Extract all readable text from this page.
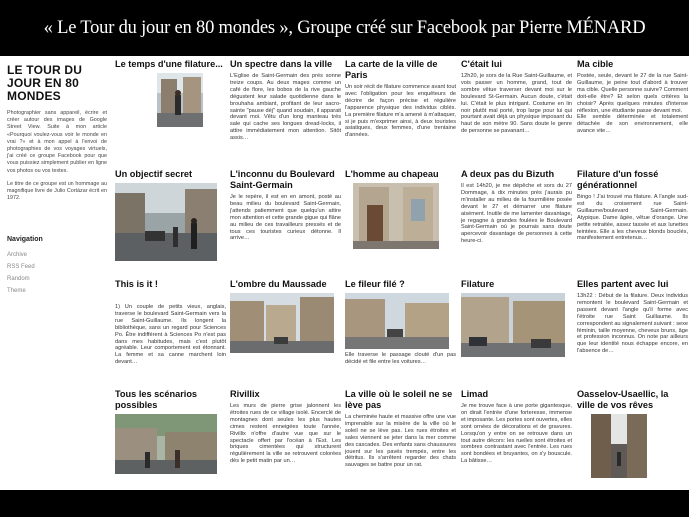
« Le Tour du jour en 80 mondes », Groupe créé sur Facebook par Pierre MÉNARD
LE TOUR DU JOUR EN 80 MONDES

Photographier sans appareil, écrire et créer autour des images de Google Street View. Suite à mon article «Pourquoi voulez-vous voir le monde en vrai ?» et à mon appel à l'envoi de photographies de vos voyages virtuels, j'ai créé ce groupe Facebook pour que vous puissiez simplement publier en ligne vos photos ou vos textes.

Le titre de ce groupe est un hommage au magnifique livre de Julio Cortázar écrit en 1972.

Navigation
Archive
RSS Feed
Random
Theme
Le temps d'une filature... Un spectre dans la ville

L'Eglise de Saint-Germain des prés sonne treize coups. Au deux mages comme un café de flore, les bobos de la rive gauche dégustent leur salade quotidienne dans le brouhaha ambiant, profitant de leur sacro-sainte "pause déj" quand soudain, il apparait devant moi. Vêtu d'un long manteau très sale qui cache ses longues dread-locks, il attire immédiatement mon attention. Sitôt assis…

La carte de la ville de Paris

Un soir récit de filature commence avant tout avec l'obligation pour les enquêteurs de décrire de façon précise et régulière l'apparence physique des individus ciblés. La première filature m'a amené à m'attaquer, si je puis m'exprimer ainsi, à deux touristes asiatiques, deux femmes, d'une trentaine d'années.

C'était lui

12h20, je sors de la Rue Saint-Guillaume, et vois passer un homme, grand, tout de sombre vêtue traverser devant moi sur le boulevard St-Germain. Aucun doute, c'était lui. C'était le plus intrigant. Costume en lin noir plutôt mal porté, trop large pour lui qui pourtant avait déjà un physique imposant du haut de son mètre 90. Sans doute le genre de personne se pavanant…

Ma cible

Postée, seule, devant le 27 de la rue Saint-Guillaume, je peine tout d'abord à trouver ma cible. Quelle personne suivre? Comment doit-elle être? Et selon quels critères la choisir? Après quelques minutes d'intense réflexion, une étudiante passe devant moi.
Elle semble déterminée et totalement détachée de son environnement, elle avance vite…

Un objectif secret	L'inconnu du Boulevard Saint-Germain

Je le repère, il est en en amont, posté au beau milieu du boulevard Saint-Germain, j'attends patiemment que quelqu'un attire mon attention et cette grande gigue qui flâne au milieu de ces travailleurs pressés et de tous ces touristes curieux détonne. Il arrive…

L'homme au chapeau	A deux pas du Bizuth

Il est 14h20, je me dépêche et sors du 27 Dommage, à dix minutes près j'aurais pu m'installer au milieu de la fourmilière posée devant le 27 et démarrer une filature aisément. Inutile de me lamenter davantage, je regagne à grandes foulées le Boulevard Saint-Germain où je pourrais sans doute apercevoir davantage de personnes à cette heure-ci.

Filature d'un fossé générationnel

Bingo ! J'ai trouvé ma filature. A l'angle sud-est du croisement rue Saint-Guillaume/boulevard Saint-Germain. Atypique. Dame âgée, vêtue d'orange. Une petite retraitée, assez tassée et aux lunettes teintées. Elle a les cheveux blonds bouclés, manifestement entretenus…

This is it !

1) Un couple de petits vieux, anglais, traverse le boulevard Saint-Germain vers la rue Saint-Guillaume. Ils longent la bibliothèque, sans un regard pour Sciences Po. Être indifférent à Sciences Po n'est pas dans mes habitudes, mais c'est plutôt agréable. Leur comportement est étonnant. La femme et sa canne marchent loin devant…

L'ombre du Maussade	Le fileur filé ?

Elle traverse le passage clouté d'un pas décidé et file entre les voitures…

Filature	Elles partent avec lui

13h22 : Début de la filature. Deux individus remontent le boulevard Saint-Germain et passent devant l'angle qu'il forme avec l'étroite rue Saint Guillaume. Ils correspondent au signalement suivant : sexe féminin, taille moyenne, cheveux bruns, âge et profession inconnus. On note par ailleurs que leur identité nous échappe encore, en l'absence de…

Tous les scénarios possibles
Rivillix

Les murs de pierre grise jalonnent les étroites rues de ce village isolé. Encerclé de montagnes dont seules les plus hautes cimes restent enneigées toute l'année, Rivillix n'offre d'autre vue que sur le spectacle offert par l'océan à l'Est. Les briques cimentées qui structurent régulièrement la ville se retrouvent colorées dès le petit matin par un…

La ville où le soleil ne se lève pas

La cheminée haute et massive offre une vue imprenable sur la misère de la ville où le soleil ne se lève pas. Les rues étroites et sales viennent se jeter dans la mer comme des cascades. Des enfants sans chaussures jouent sur les pavés trempés, entre les détritus. Ils s'arrêtent regarder des chats sauvages se battre pour un rat.

Limad

Je me trouve face à une porte gigantesque, on dirait l'entrée d'une forteresse, immense et imposante. Les portes sont ouvertes, elles sont ornées de décorations et de gravures. Lorsqu'on y entre on se retrouve dans un tout autre décors: les ruelles sont étroites et sombres contrastant avec l'entrée. Les rues sont bondées et bruyantes, on s'y bouscule. La bâtisse…

Oasselov-Usaellic, la ville de vos rêves
